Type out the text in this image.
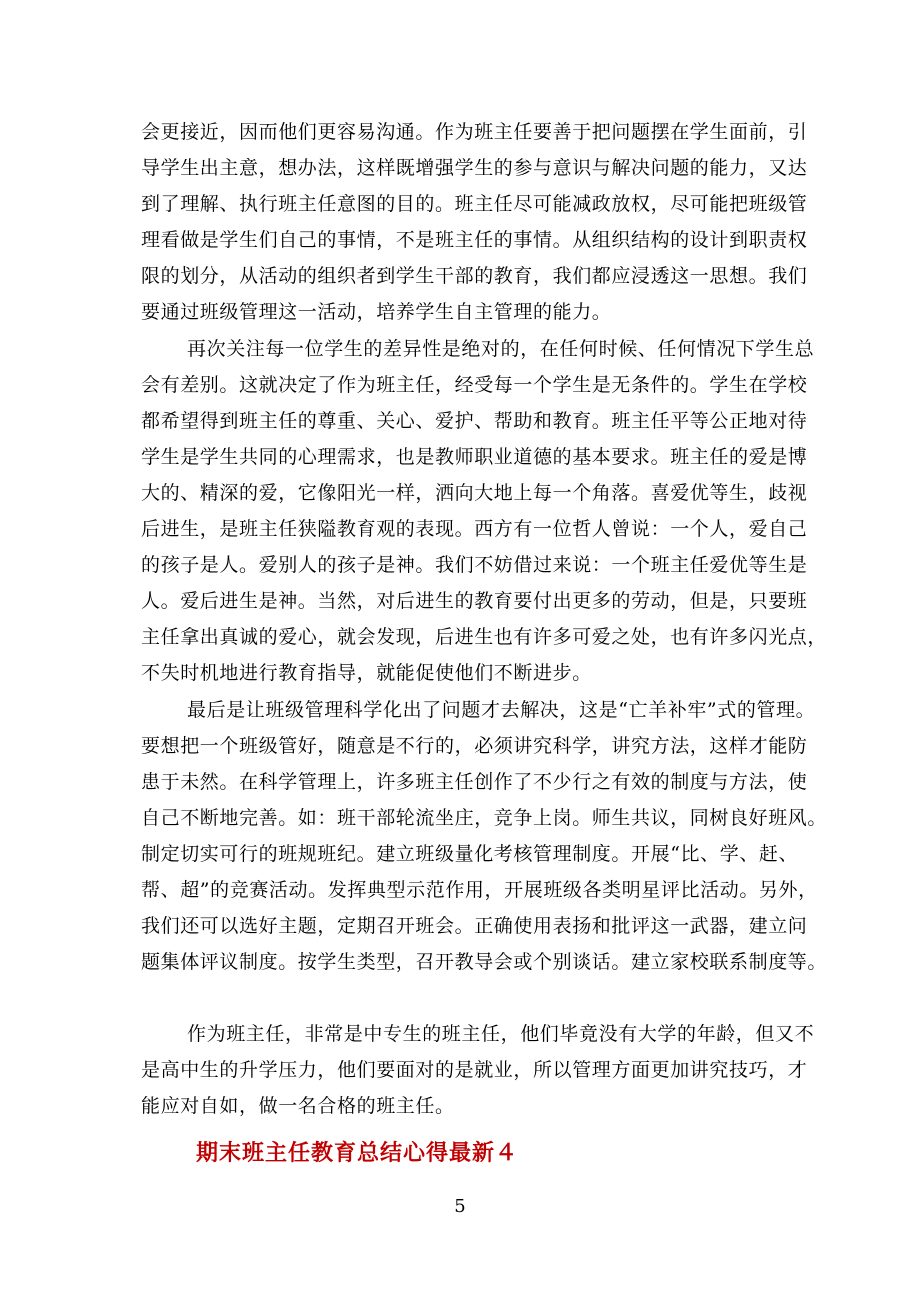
会更接近，因而他们更容易沟通。作为班主任要善于把问题摆在学生面前，引
导学生出主意，想办法，这样既增强学生的参与意识与解决问题的能力，又达
到了理解、执行班主任意图的目的。班主任尽可能减政放权，尽可能把班级管
理看做是学生们自己的事情，不是班主任的事情。从组织结构的设计到职责权
限的划分，从活动的组织者到学生干部的教育，我们都应浸透这一思想。我们
要通过班级管理这一活动，培养学生自主管理的能力。
再次关注每一位学生的差异性是绝对的，在任何时候、任何情况下学生总
会有差别。这就决定了作为班主任，经受每一个学生是无条件的。学生在学校
都希望得到班主任的尊重、关心、爱护、帮助和教育。班主任平等公正地对待
学生是学生共同的心理需求，也是教师职业道德的基本要求。班主任的爱是博
大的、精深的爱，它像阳光一样，洒向大地上每一个角落。喜爱优等生，歧视
后进生，是班主任狭隘教育观的表现。西方有一位哲人曾说：一个人，爱自己
的孩子是人。爱别人的孩子是神。我们不妨借过来说：一个班主任爱优等生是
人。爱后进生是神。当然，对后进生的教育要付出更多的劳动，但是，只要班
主任拿出真诚的爱心，就会发现，后进生也有许多可爱之处，也有许多闪光点，
不失时机地进行教育指导，就能促使他们不断进步。
最后是让班级管理科学化出了问题才去解决，这是“亡羊补牢”式的管理。
要想把一个班级管好，随意是不行的，必须讲究科学，讲究方法，这样才能防
患于未然。在科学管理上，许多班主任创作了不少行之有效的制度与方法，使
自己不断地完善。如：班干部轮流坐庄，竞争上岗。师生共议，同树良好班风。
制定切实可行的班规班纪。建立班级量化考核管理制度。开展“比、学、赶、
帮、超”的竞赛活动。发挥典型示范作用，开展班级各类明星评比活动。另外，
我们还可以选好主题，定期召开班会。正确使用表扬和批评这一武器，建立问
题集体评议制度。按学生类型，召开教导会或个别谈话。建立家校联系制度等。
作为班主任，非常是中专生的班主任，他们毕竟没有大学的年龄，但又不
是高中生的升学压力，他们要面对的是就业，所以管理方面更加讲究技巧，才
能应对自如，做一名合格的班主任。
期末班主任教育总结心得最新４
5
